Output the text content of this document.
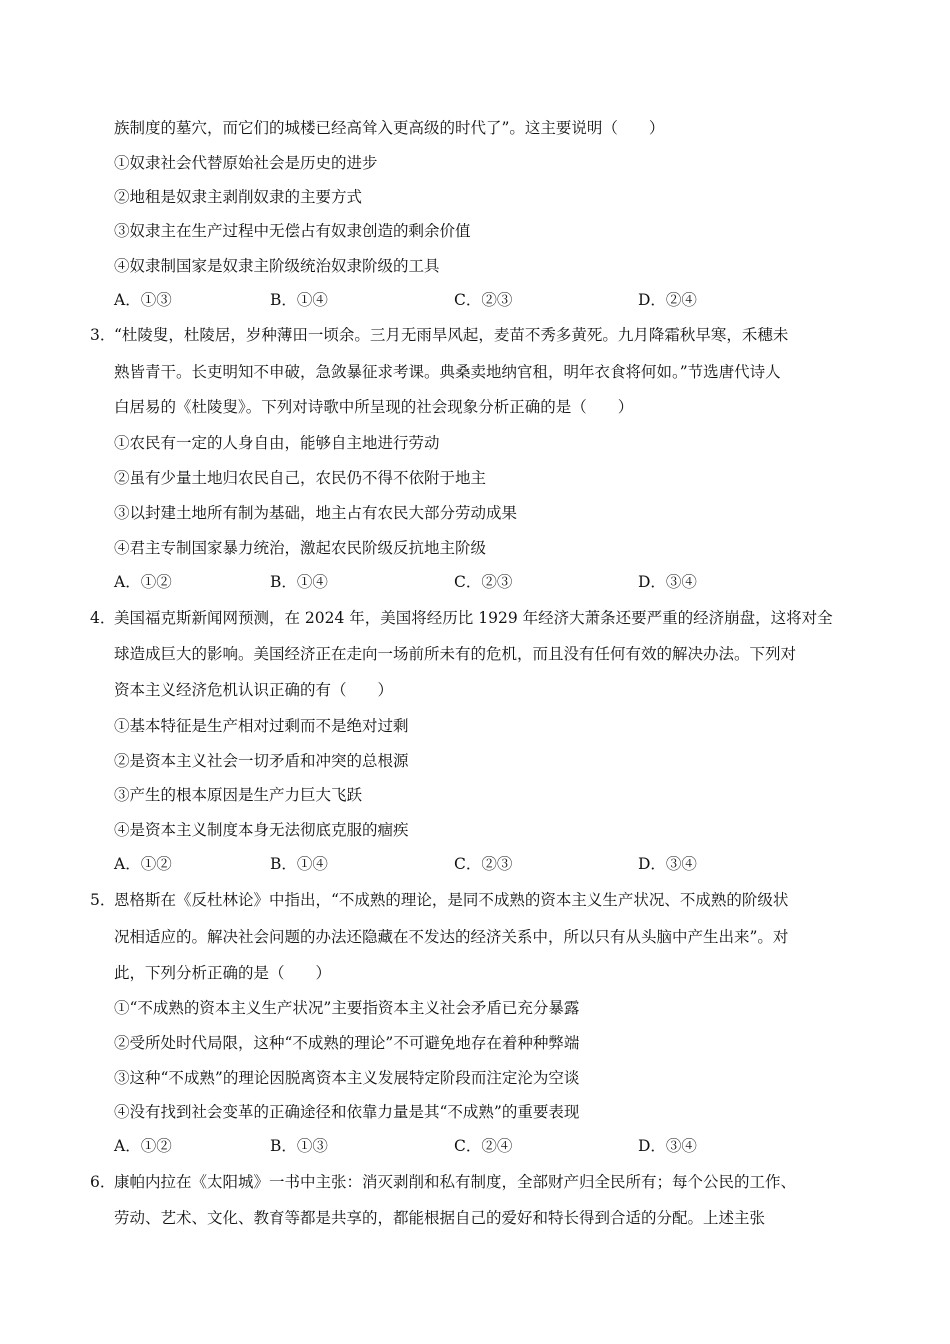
族制度的墓穴，而它们的城楼已经高耸入更高级的时代了”。这主要说明（　　）
①奴隶社会代替原始社会是历史的进步
②地租是奴隶主剥削奴隶的主要方式
③奴隶主在生产过程中无偿占有奴隶创造的剩余价值
④奴隶制国家是奴隶主阶级统治奴隶阶级的工具
A．①③	B．①④	C．②③	D．②④
3．
“杜陵叟，杜陵居，岁种薄田一顷余。三月无雨旱风起，麦苗不秀多黄死。九月降霜秋早寒，禾穗未
熟皆青干。长吏明知不申破，急敛暴征求考课。典桑卖地纳官租，明年衣食将何如。”节选唐代诗人
白居易的《杜陵叟》。下列对诗歌中所呈现的社会现象分析正确的是（　　）
①农民有一定的人身自由，能够自主地进行劳动
②虽有少量土地归农民自己，农民仍不得不依附于地主
③以封建土地所有制为基础，地主占有农民大部分劳动成果
④君主专制国家暴力统治，激起农民阶级反抗地主阶级
A．①②	B．①④	C．②③	D．③④
4．
美国福克斯新闻网预测，在 2024 年，美国将经历比 1929 年经济大萧条还要严重的经济崩盘，这将对全
球造成巨大的影响。美国经济正在走向一场前所未有的危机，而且没有任何有效的解决办法。下列对
资本主义经济危机认识正确的有（　　）
①基本特征是生产相对过剩而不是绝对过剩
②是资本主义社会一切矛盾和冲突的总根源
③产生的根本原因是生产力巨大飞跃
④是资本主义制度本身无法彻底克服的痼疾
A．①②	B．①④	C．②③	D．③④
5．
恩格斯在《反杜林论》中指出，“不成熟的理论，是同不成熟的资本主义生产状况、不成熟的阶级状
况相适应的。解决社会问题的办法还隐藏在不发达的经济关系中，所以只有从头脑中产生出来”。对
此，下列分析正确的是（　　）
①“不成熟的资本主义生产状况”主要指资本主义社会矛盾已充分暴露
②受所处时代局限，这种“不成熟的理论”不可避免地存在着种种弊端
③这种“不成熟”的理论因脱离资本主义发展特定阶段而注定沦为空谈
④没有找到社会变革的正确途径和依靠力量是其“不成熟”的重要表现
A．①②	B．①③	C．②④	D．③④
6．
康帕内拉在《太阳城》一书中主张：消灭剥削和私有制度，全部财产归全民所有；每个公民的工作、
劳动、艺术、文化、教育等都是共享的，都能根据自己的爱好和特长得到合适的分配。上述主张
